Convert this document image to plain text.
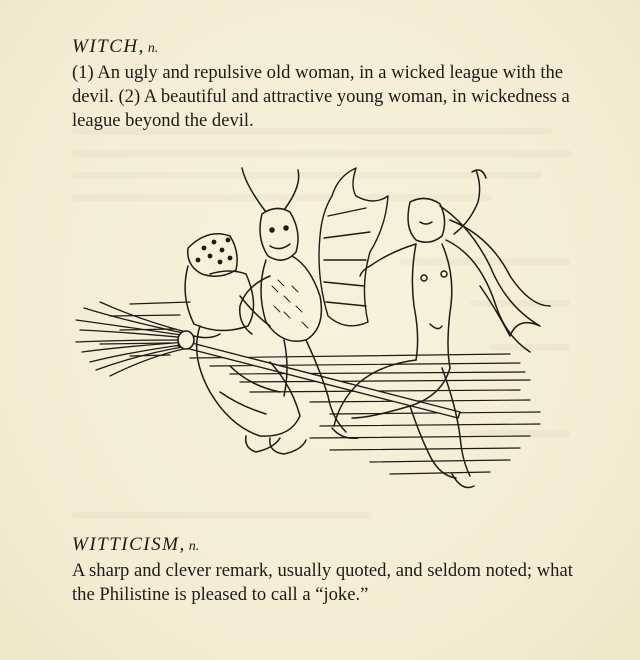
WITCH, n.

(1) An ugly and repulsive old woman, in a wicked league with the devil. (2) A beautiful and attractive young woman, in wickedness a league beyond the devil.

WITTICISM, n.

A sharp and clever remark, usually quoted, and seldom noted; what the Philistine is pleased to call a “joke.”
